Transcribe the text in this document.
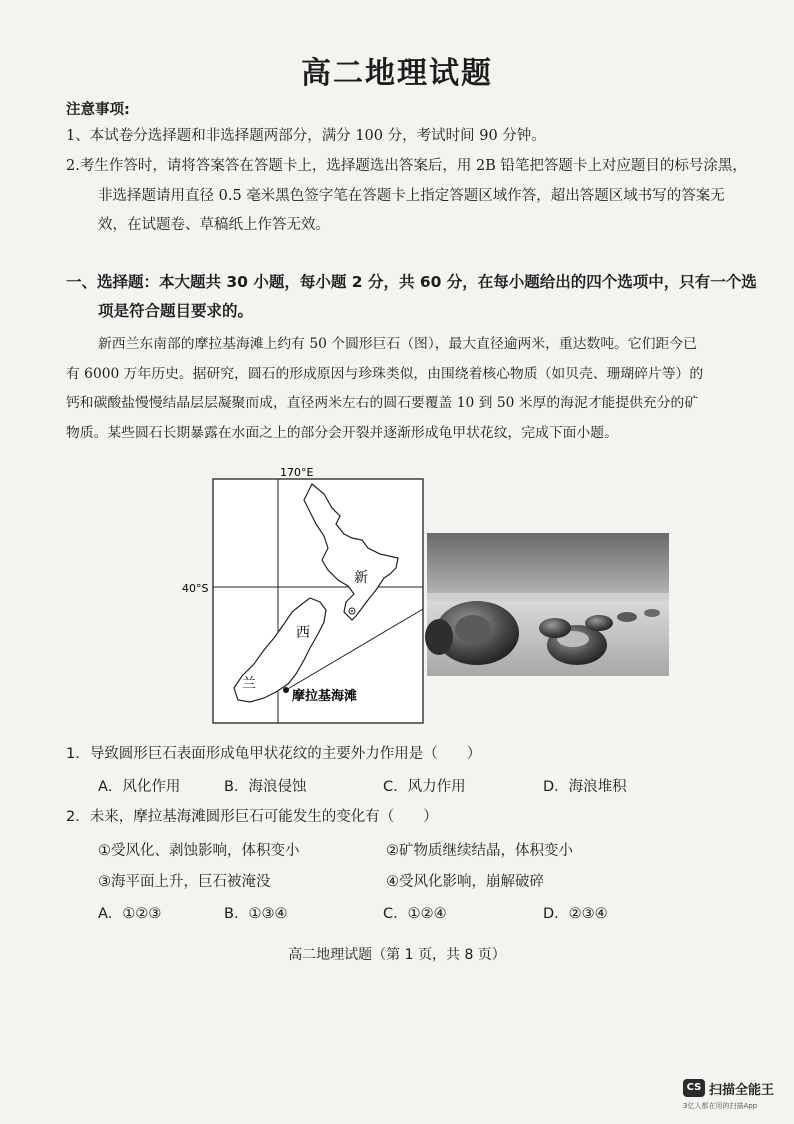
高二地理试题
注意事项:
1、本试卷分选择题和非选择题两部分，满分 100 分，考试时间 90 分钟。
2.考生作答时，请将答案答在答题卡上，选择题选出答案后，用 2B 铅笔把答题卡上对应题目的标号涂黑，
非选择题请用直径 0.5 毫米黑色签字笔在答题卡上指定答题区域作答，超出答题区域书写的答案无
效，在试题卷、草稿纸上作答无效。
一、选择题：本大题共 30 小题，每小题 2 分，共 60 分，在每小题给出的四个选项中，只有一个选
项是符合题目要求的。
新西兰东南部的摩拉基海滩上约有 50 个圆形巨石（图），最大直径逾两米，重达数吨。它们距今已
有 6000 万年历史。据研究，圆石的形成原因与珍珠类似，由围绕着核心物质（如贝壳、珊瑚碎片等）的
钙和碳酸盐慢慢结晶层层凝聚而成，直径两米左右的圆石要覆盖 10 到 50 米厚的海泥才能提供充分的矿
物质。某些圆石长期暴露在水面之上的部分会开裂并逐渐形成龟甲状花纹，完成下面小题。
170°E
40°S
新
西
兰
摩拉基海滩
1．导致圆形巨石表面形成龟甲状花纹的主要外力作用是（　　）
A．风化作用	B．海浪侵蚀	C．风力作用	D．海浪堆积
2．未来，摩拉基海滩圆形巨石可能发生的变化有（　　）
①受风化、剥蚀影响，体积变小	②矿物质继续结晶，体积变小
③海平面上升，巨石被淹没	④受风化影响，崩解破碎
A．①②③	B．①③④	C．①②④	D．②③④
高二地理试题（第 1 页，共 8 页）
CS 扫描全能王
3亿人都在用的扫描App
